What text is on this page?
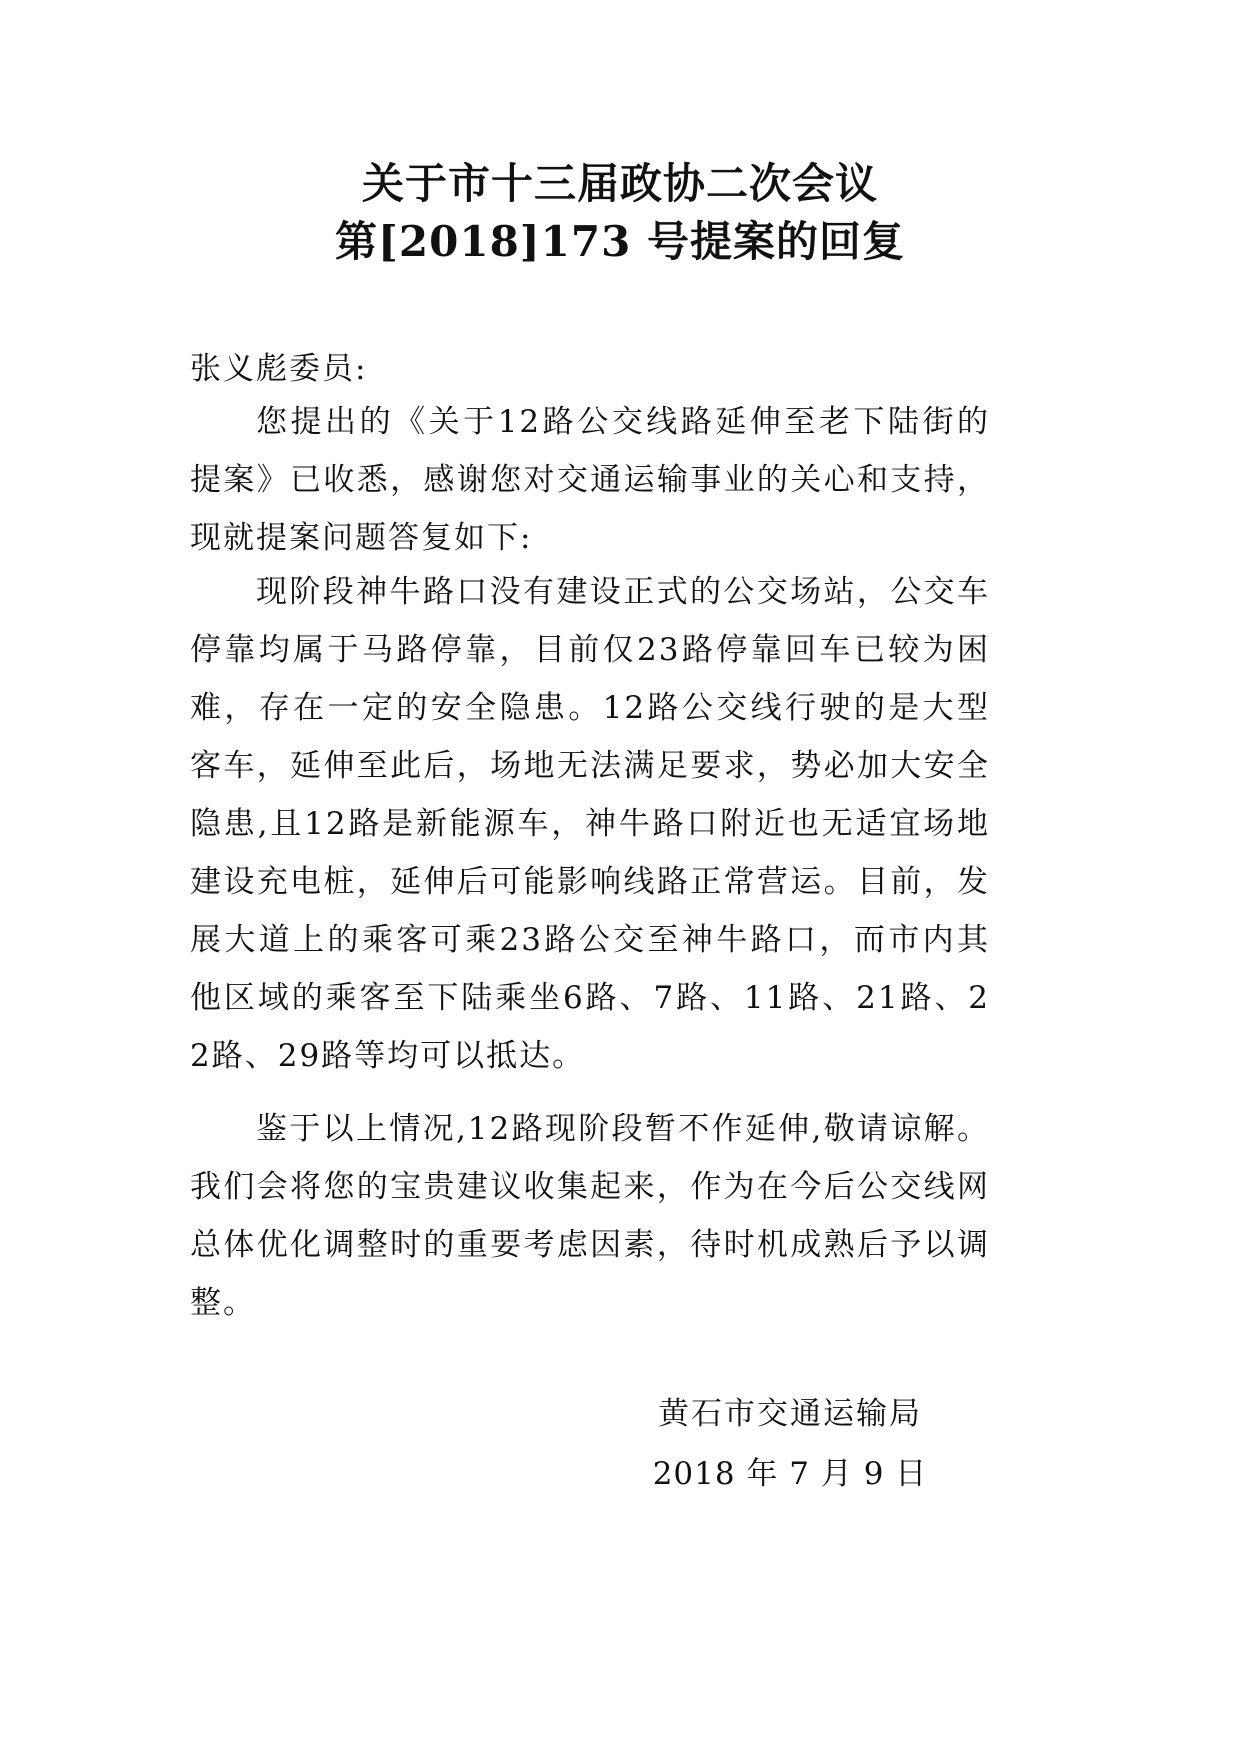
关于市十三届政协二次会议
第[2018]173 号提案的回复
张义彪委员:
您提出的《关于12路公交线路延伸至老下陆街的提案》已收悉，感谢您对交通运输事业的关心和支持，现就提案问题答复如下:
现阶段神牛路口没有建设正式的公交场站，公交车停靠均属于马路停靠，目前仅23路停靠回车已较为困难，存在一定的安全隐患。12路公交线行驶的是大型客车，延伸至此后，场地无法满足要求，势必加大安全隐患,且12路是新能源车，神牛路口附近也无适宜场地建设充电桩，延伸后可能影响线路正常营运。目前，发展大道上的乘客可乘23路公交至神牛路口，而市内其他区域的乘客至下陆乘坐6路、7路、11路、21路、22路、29路等均可以抵达。
鉴于以上情况,12路现阶段暂不作延伸,敬请谅解。我们会将您的宝贵建议收集起来，作为在今后公交线网总体优化调整时的重要考虑因素，待时机成熟后予以调整。
黄石市交通运输局
2018 年 7 月 9 日
